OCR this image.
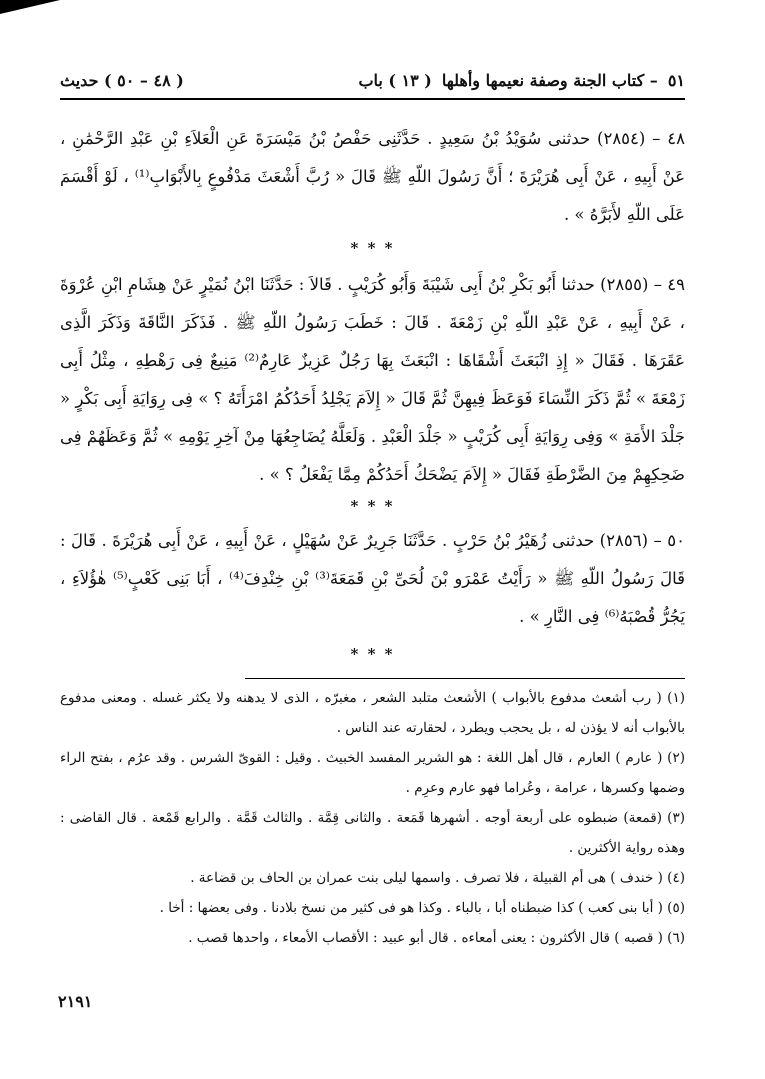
٥١
– كتاب الجنة وصفة نعيمها وأهلها
( ١٣ ) باب
( ٤٨ – ٥٠ ) حديث

٤٨ – (٢٨٥٤) حدثنى سُوَيْدُ بْنُ سَعِيدٍ . حَدَّثَنِى حَفْصُ بْنُ مَيْسَرَةَ عَنِ الْعَلاَءِ بْنِ عَبْدِ الرَّحْمَٰنِ ، عَنْ أَبِيهِ ، عَنْ أَبِى هُرَيْرَةَ ؛ أَنَّ رَسُولَ اللّهِ ﷺ قَالَ « رُبَّ أَشْعَثَ مَدْفُوعٍ بِالأَبْوَابِ⁽¹⁾ ، لَوْ أَقْسَمَ عَلَى اللّهِ لأَبَرَّهُ » .

* * *

٤٩ – (٢٨٥٥) حدثنا أَبُو بَكْرِ بْنُ أَبِى شَيْبَةَ وَأَبُو كُرَيْبٍ . قَالاَ : حَدَّثَنَا ابْنُ نُمَيْرٍ عَنْ هِشَامِ ابْنِ عُرْوَةَ ، عَنْ أَبِيهِ ، عَنْ عَبْدِ اللّهِ بْنِ زَمْعَةَ . قَالَ : خَطَبَ رَسُولُ اللّهِ ﷺ . فَذَكَرَ النَّاقَةَ وَذَكَرَ الَّذِى عَقَرَهَا . فَقَالَ « إِذِ انْبَعَثَ أَشْقَاهَا : انْبَعَثَ بِهَا رَجُلٌ عَزِيزٌ عَارِمٌ⁽²⁾ مَنِيعٌ فِى رَهْطِهِ ، مِثْلُ أَبِى زَمْعَةَ » ثُمَّ ذَكَرَ النِّسَاءَ فَوَعَظَ فِيهِنَّ ثُمَّ قَالَ « إِلاَمَ يَجْلِدُ أَحَدُكُمُ امْرَأَتَهُ ؟ » فِى رِوَايَةِ أَبِى بَكْرٍ « جَلْدَ الأَمَةِ » وَفِى رِوَايَةِ أَبِى كُرَيْبٍ « جَلْدَ الْعَبْدِ . وَلَعَلَّهُ يُضَاجِعُهَا مِنْ آخِرِ يَوْمِهِ » ثُمَّ وَعَظَهُمْ فِى ضَحِكِهِمْ مِنَ الضَّرْطَةِ فَقَالَ « إِلاَمَ يَضْحَكُ أَحَدُكُمْ مِمَّا يَفْعَلُ ؟ » .

* * *

٥٠ – (٢٨٥٦) حدثنى زُهَيْرُ بْنُ حَرْبٍ . حَدَّثَنَا جَرِيرٌ عَنْ سُهَيْلٍ ، عَنْ أَبِيهِ ، عَنْ أَبِى هُرَيْرَةَ . قَالَ : قَالَ رَسُولُ اللّهِ ﷺ « رَأَيْتُ عَمْرَو بْنَ لُحَىِّ بْنِ قَمَعَةَ⁽³⁾ بْنِ خِنْدِفَ⁽⁴⁾ ، أَبَا بَنِى كَعْبٍ⁽⁵⁾ هٰؤُلاَءِ ، يَجُرُّ قُصْبَهُ⁽⁶⁾ فِى النَّارِ » .

* * *

(١) ( رب أشعث مدفوع بالأبواب ) الأشعث متلبد الشعر ، مغبرّه ، الذى لا يدهنه ولا يكثر غسله . ومعنى مدفوع بالأبواب أنه لا يؤذن له ، بل يحجب ويطرد ، لحقارته عند الناس .

(٢) ( عارم ) العارم ، قال أهل اللغة : هو الشرير المفسد الخبيث . وقيل : القوىّ الشرس . وقد عرُم ، بفتح الراء وضمها وكسرها ، عرامة ، وعُراما فهو عارم وعرِم .

(٣) (قمعة) ضبطوه على أربعة أوجه . أشهرها قَمَعة . والثانى قِمَّة . والثالث قَمَّة . والرابع قَمْعة . قال القاضى : وهذه رواية الأكثرين .

(٤) ( خندف ) هى أم القبيلة ، فلا تصرف . واسمها ليلى بنت عمران بن الحاف بن قضاعة .

(٥) ( أبا بنى كعب ) كذا ضبطناه أبا ، بالباء . وكذا هو فى كثير من نسخ بلادنا . وفى بعضها : أخا .

(٦) ( قصبه ) قال الأكثرون : يعنى أمعاءه . قال أبو عبيد : الأقصاب الأمعاء ، واحدها قصب .

٢١٩١
